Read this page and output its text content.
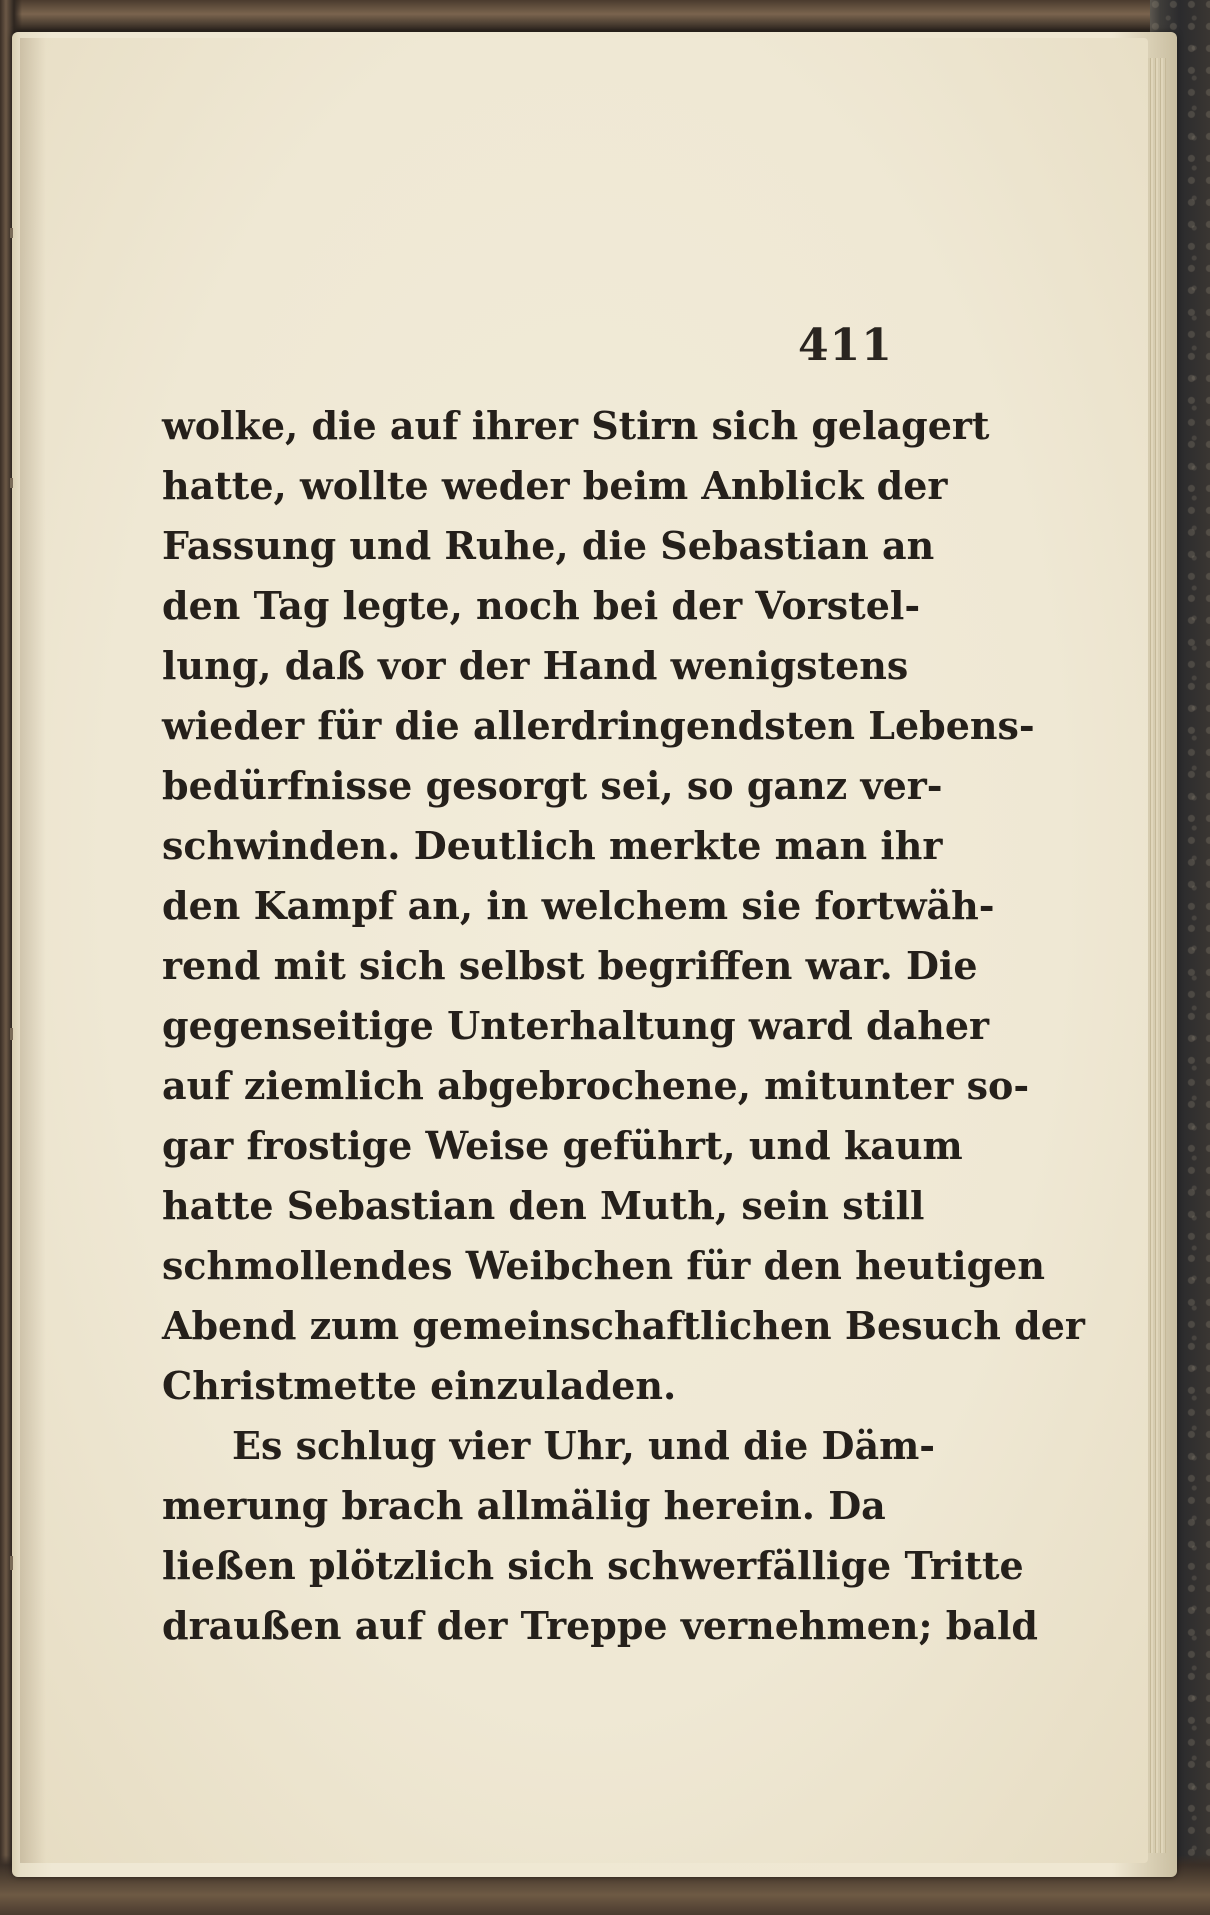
411
wolke, die auf ihrer Stirn sich gelagert
hatte, wollte weder beim Anblick der
Fassung und Ruhe, die Sebastian an
den Tag legte, noch bei der Vorstel-
lung, daß vor der Hand wenigstens
wieder für die allerdringendsten Lebens-
bedürfnisse gesorgt sei, so ganz ver-
schwinden. Deutlich merkte man ihr
den Kampf an, in welchem sie fortwäh-
rend mit sich selbst begriffen war. Die
gegenseitige Unterhaltung ward daher
auf ziemlich abgebrochene, mitunter so-
gar frostige Weise geführt, und kaum
hatte Sebastian den Muth, sein still
schmollendes Weibchen für den heutigen
Abend zum gemeinschaftlichen Besuch der
Christmette einzuladen.
Es schlug vier Uhr, und die Däm-
merung brach allmälig herein. Da
ließen plötzlich sich schwerfällige Tritte
draußen auf der Treppe vernehmen; bald
